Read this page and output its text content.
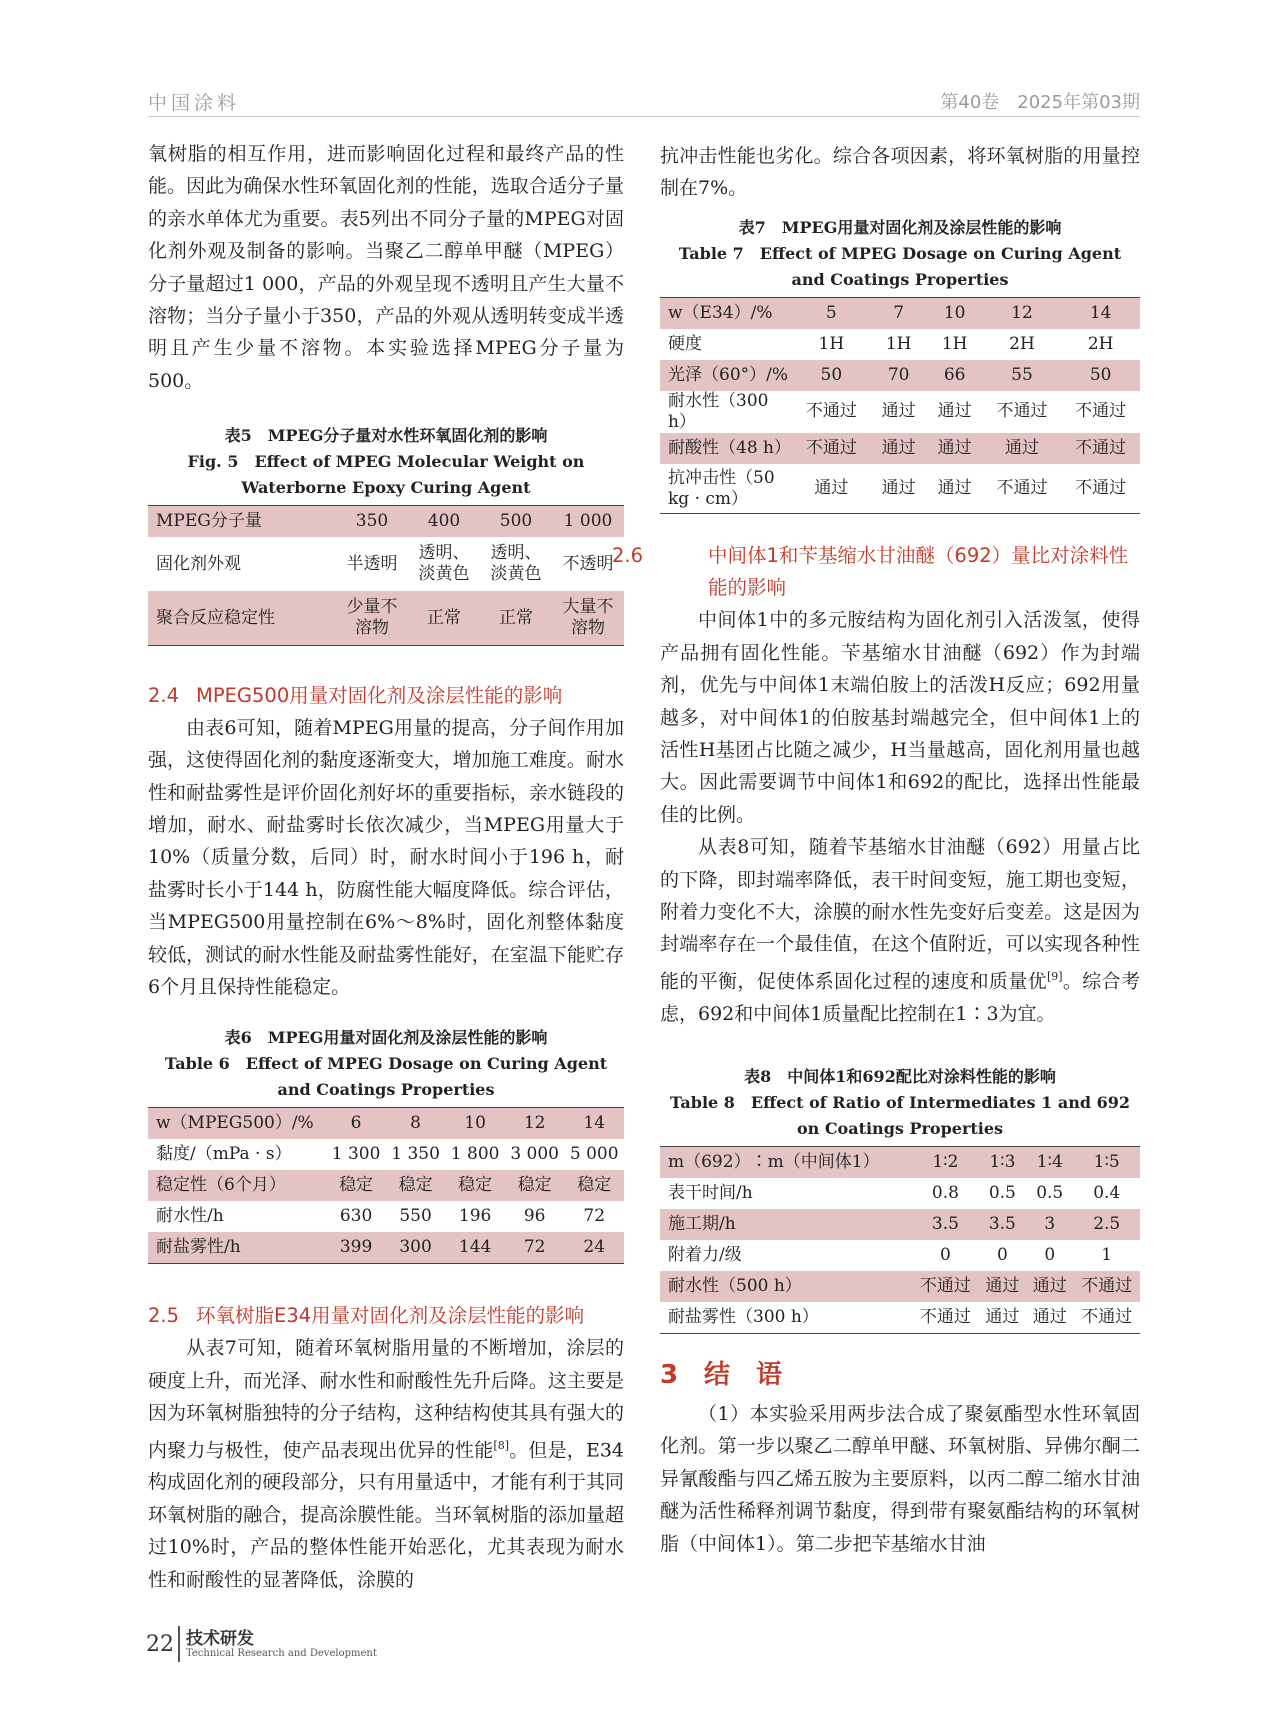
中国涂料	第40卷　2025年第03期

氧树脂的相互作用，进而影响固化过程和最终产品的性能。因此为确保水性环氧固化剂的性能，选取合适分子量的亲水单体尤为重要。表5列出不同分子量的MPEG对固化剂外观及制备的影响。当聚乙二醇单甲醚（MPEG）分子量超过1 000，产品的外观呈现不透明且产生大量不溶物；当分子量小于350，产品的外观从透明转变成半透明且产生少量不溶物。本实验选择MPEG分子量为500。

表5　MPEG分子量对水性环氧固化剂的影响

Fig. 5　Effect of MPEG Molecular Weight on Waterborne Epoxy Curing Agent

MPEG分子量	350	400	500	1 000
固化剂外观	半透明	透明、淡黄色	透明、淡黄色	不透明
聚合反应稳定性	少量不溶物	正常	正常	大量不溶物

2.4 MPEG500用量对固化剂及涂层性能的影响

由表6可知，随着MPEG用量的提高，分子间作用加强，这使得固化剂的黏度逐渐变大，增加施工难度。耐水性和耐盐雾性是评价固化剂好坏的重要指标，亲水链段的增加，耐水、耐盐雾时长依次减少，当MPEG用量大于10%（质量分数，后同）时，耐水时间小于196 h，耐盐雾时长小于144 h，防腐性能大幅度降低。综合评估，当MPEG500用量控制在6%～8%时，固化剂整体黏度较低，测试的耐水性能及耐盐雾性能好，在室温下能贮存6个月且保持性能稳定。

表6　MPEG用量对固化剂及涂层性能的影响

Table 6　Effect of MPEG Dosage on Curing Agent and Coatings Properties

w（MPEG500）/%	6	8	10	12	14
黏度/（mPa · s）	1 300	1 350	1 800	3 000	5 000
稳定性（6个月）	稳定	稳定	稳定	稳定	稳定
耐水性/h	630	550	196	96	72
耐盐雾性/h	399	300	144	72	24

2.5 环氧树脂E34用量对固化剂及涂层性能的影响

从表7可知，随着环氧树脂用量的不断增加，涂层的硬度上升，而光泽、耐水性和耐酸性先升后降。这主要是因为环氧树脂独特的分子结构，这种结构使其具有强大的内聚力与极性，使产品表现出优异的性能[8]。但是，E34构成固化剂的硬段部分，只有用量适中，才能有利于其同环氧树脂的融合，提高涂膜性能。当环氧树脂的添加量超过10%时，产品的整体性能开始恶化，尤其表现为耐水性和耐酸性的显著降低，涂膜的

抗冲击性能也劣化。综合各项因素，将环氧树脂的用量控制在7%。

表7　MPEG用量对固化剂及涂层性能的影响

Table 7　Effect of MPEG Dosage on Curing Agent and Coatings Properties

w（E34）/%	5	7	10	12	14
硬度	1H	1H	1H	2H	2H
光泽（60°）/%	50	70	66	55	50
耐水性（300 h）	不通过	通过	通过	不通过	不通过
耐酸性（48 h）	不通过	通过	通过	通过	不通过
抗冲击性（50 kg · cm）	通过	通过	通过	不通过	不通过

2.6	中间体1和苄基缩水甘油醚（692）量比对涂料性能的影响

中间体1中的多元胺结构为固化剂引入活泼氢，使得产品拥有固化性能。苄基缩水甘油醚（692）作为封端剂，优先与中间体1末端伯胺上的活泼H反应；692用量越多，对中间体1的伯胺基封端越完全，但中间体1上的活性H基团占比随之减少，H当量越高，固化剂用量也越大。因此需要调节中间体1和692的配比，选择出性能最佳的比例。

从表8可知，随着苄基缩水甘油醚（692）用量占比的下降，即封端率降低，表干时间变短，施工期也变短，附着力变化不大，涂膜的耐水性先变好后变差。这是因为封端率存在一个最佳值，在这个值附近，可以实现各种性能的平衡，促使体系固化过程的速度和质量优[9]。综合考虑，692和中间体1质量配比控制在1∶3为宜。

表8　中间体1和692配比对涂料性能的影响

Table 8　Effect of Ratio of Intermediates 1 and 692 on Coatings Properties

m（692）∶m（中间体1）	1∶2	1∶3	1∶4	1∶5
表干时间/h	0.8	0.5	0.5	0.4
施工期/h	3.5	3.5	3	2.5
附着力/级	0	0	0	1
耐水性（500 h）	不通过	通过	通过	不通过
耐盐雾性（300 h）	不通过	通过	通过	不通过

3 结　语

（1）本实验采用两步法合成了聚氨酯型水性环氧固化剂。第一步以聚乙二醇单甲醚、环氧树脂、异佛尔酮二异氰酸酯与四乙烯五胺为主要原料，以丙二醇二缩水甘油醚为活性稀释剂调节黏度，得到带有聚氨酯结构的环氧树脂（中间体1）。第二步把苄基缩水甘油

22 技术研发
Technical Research and Development
